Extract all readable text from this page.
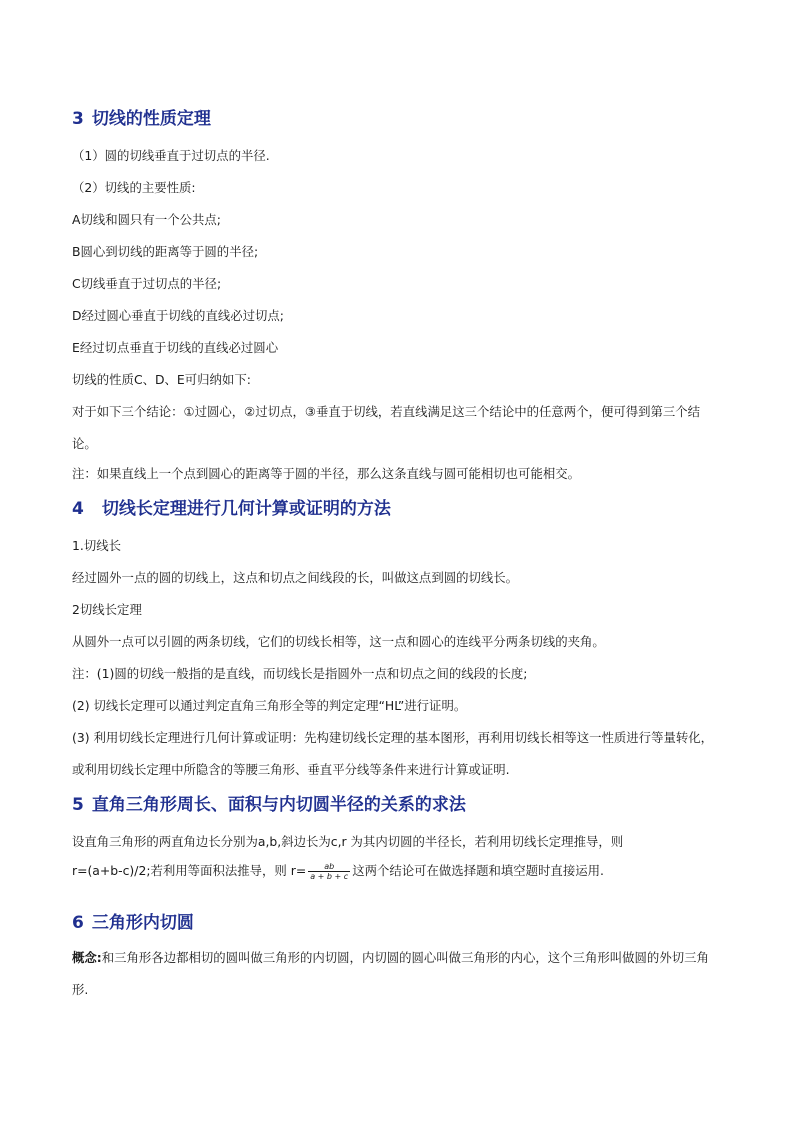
3 切线的性质定理

（1）圆的切线垂直于过切点的半径.

（2）切线的主要性质:

A切线和圆只有一个公共点;

B圆心到切线的距离等于圆的半径;

C切线垂直于过切点的半径;

D经过圆心垂直于切线的直线必过切点;

E经过切点垂直于切线的直线必过圆心

切线的性质C、D、E可归纳如下:

对于如下三个结论：①过圆心，②过切点，③垂直于切线，若直线满足这三个结论中的任意两个，便可得到第三个结论。

注：如果直线上一个点到圆心的距离等于圆的半径，那么这条直线与圆可能相切也可能相交。

4 切线长定理进行几何计算或证明的方法

1.切线长

经过圆外一点的圆的切线上，这点和切点之间线段的长，叫做这点到圆的切线长。

2切线长定理

从圆外一点可以引圆的两条切线，它们的切线长相等，这一点和圆心的连线平分两条切线的夹角。

注：(1)圆的切线一般指的是直线，而切线长是指圆外一点和切点之间的线段的长度;

(2) 切线长定理可以通过判定直角三角形全等的判定定理“HL”进行证明。

(3) 利用切线长定理进行几何计算或证明：先构建切线长定理的基本图形，再利用切线长相等这一性质进行等量转化，或利用切线长定理中所隐含的等腰三角形、垂直平分线等条件来进行计算或证明.

5 直角三角形周长、面积与内切圆半径的关系的求法

设直角三角形的两直角边长分别为a,b,斜边长为c,r 为其内切圆的半径长，若利用切线长定理推导，则

r=(a+b-c)/2;若利用等面积法推导，则 $r= \frac{ab}{a + b + c}$ 这两个结论可在做选择题和填空题时直接运用.

6 三角形内切圆

概念:和三角形各边都相切的圆叫做三角形的内切圆，内切圆的圆心叫做三角形的内心，这个三角形叫做圆的外切三角形.
